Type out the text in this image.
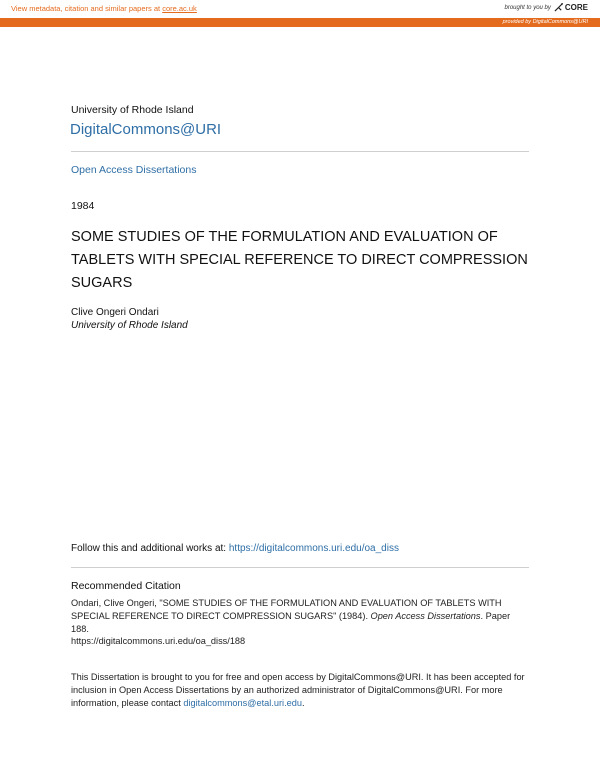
View metadata, citation and similar papers at core.ac.uk	brought to you by CORE
provided by DigitalCommons@URI
University of Rhode Island
DigitalCommons@URI
Open Access Dissertations
1984
SOME STUDIES OF THE FORMULATION AND EVALUATION OF TABLETS WITH SPECIAL REFERENCE TO DIRECT COMPRESSION SUGARS
Clive Ongeri Ondari
University of Rhode Island
Follow this and additional works at: https://digitalcommons.uri.edu/oa_diss
Recommended Citation
Ondari, Clive Ongeri, "SOME STUDIES OF THE FORMULATION AND EVALUATION OF TABLETS WITH SPECIAL REFERENCE TO DIRECT COMPRESSION SUGARS" (1984). Open Access Dissertations. Paper 188.
https://digitalcommons.uri.edu/oa_diss/188
This Dissertation is brought to you for free and open access by DigitalCommons@URI. It has been accepted for inclusion in Open Access Dissertations by an authorized administrator of DigitalCommons@URI. For more information, please contact digitalcommons@etal.uri.edu.
